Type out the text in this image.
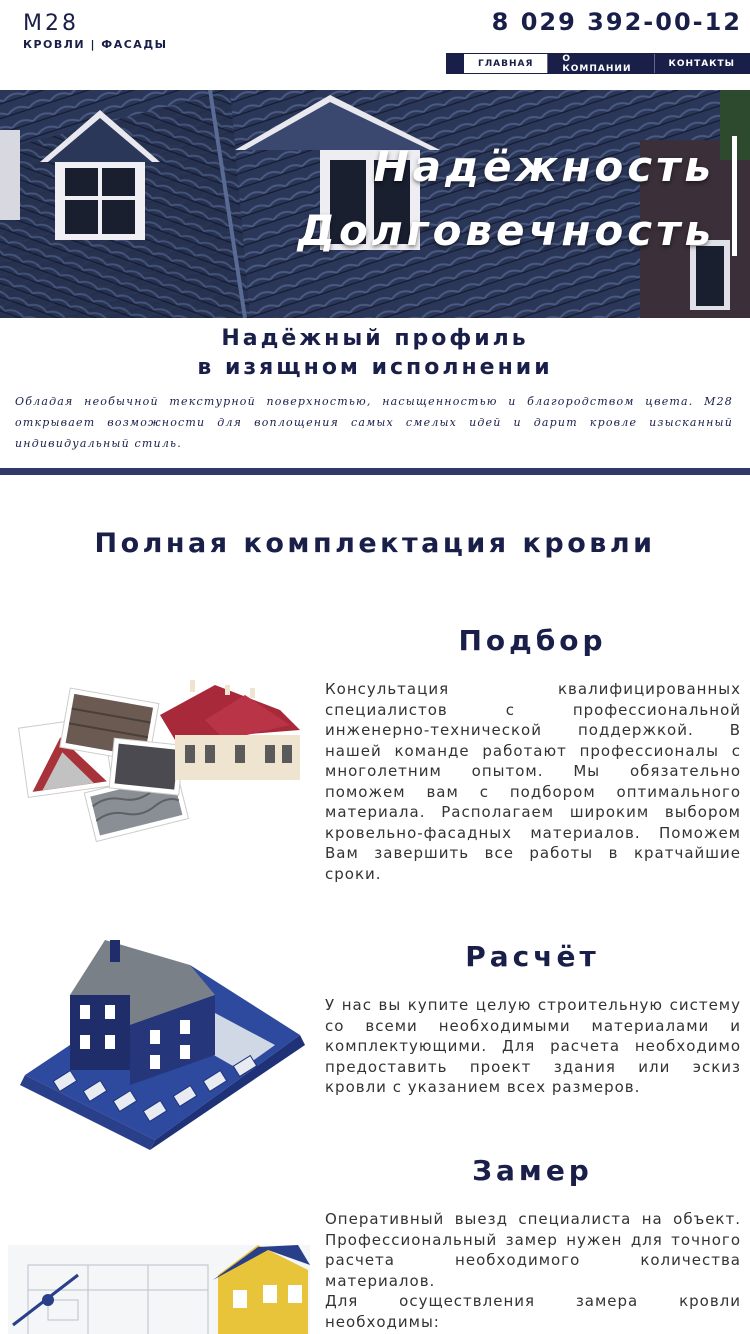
M28
КРОВЛИ | ФАСАДЫ
8 029 392-00-12
ГЛАВНАЯ	О КОМПАНИИ	КОНТАКТЫ
Надёжность
Долговечность
Надёжный профиль
в изящном исполнении
Обладая необычной текстурной поверхностью, насыщенностью и благородством цвета. М28 открывает возможности для воплощения самых смелых идей и дарит кровле изысканный индивидуальный стиль.
Полная комплектация кровли
Подбор
Консультация квалифицированных специалистов с профессиональной инженерно-технической поддержкой. В нашей команде работают профессионалы с многолетним опытом. Мы обязательно поможем вам с подбором оптимального материала. Располагаем широким выбором кровельно-фасадных материалов. Поможем Вам завершить все работы в кратчайшие сроки.
Расчёт
У нас вы купите целую строительную систему со всеми необходимыми материалами и комплектующими. Для расчета необходимо предоставить проект здания или эскиз кровли с указанием всех размеров.
Замер
Оперативный выезд специалиста на объект. Профессиональный замер нужен для точного расчета необходимого количества материалов.
Для осуществления замера кровли необходимы:
